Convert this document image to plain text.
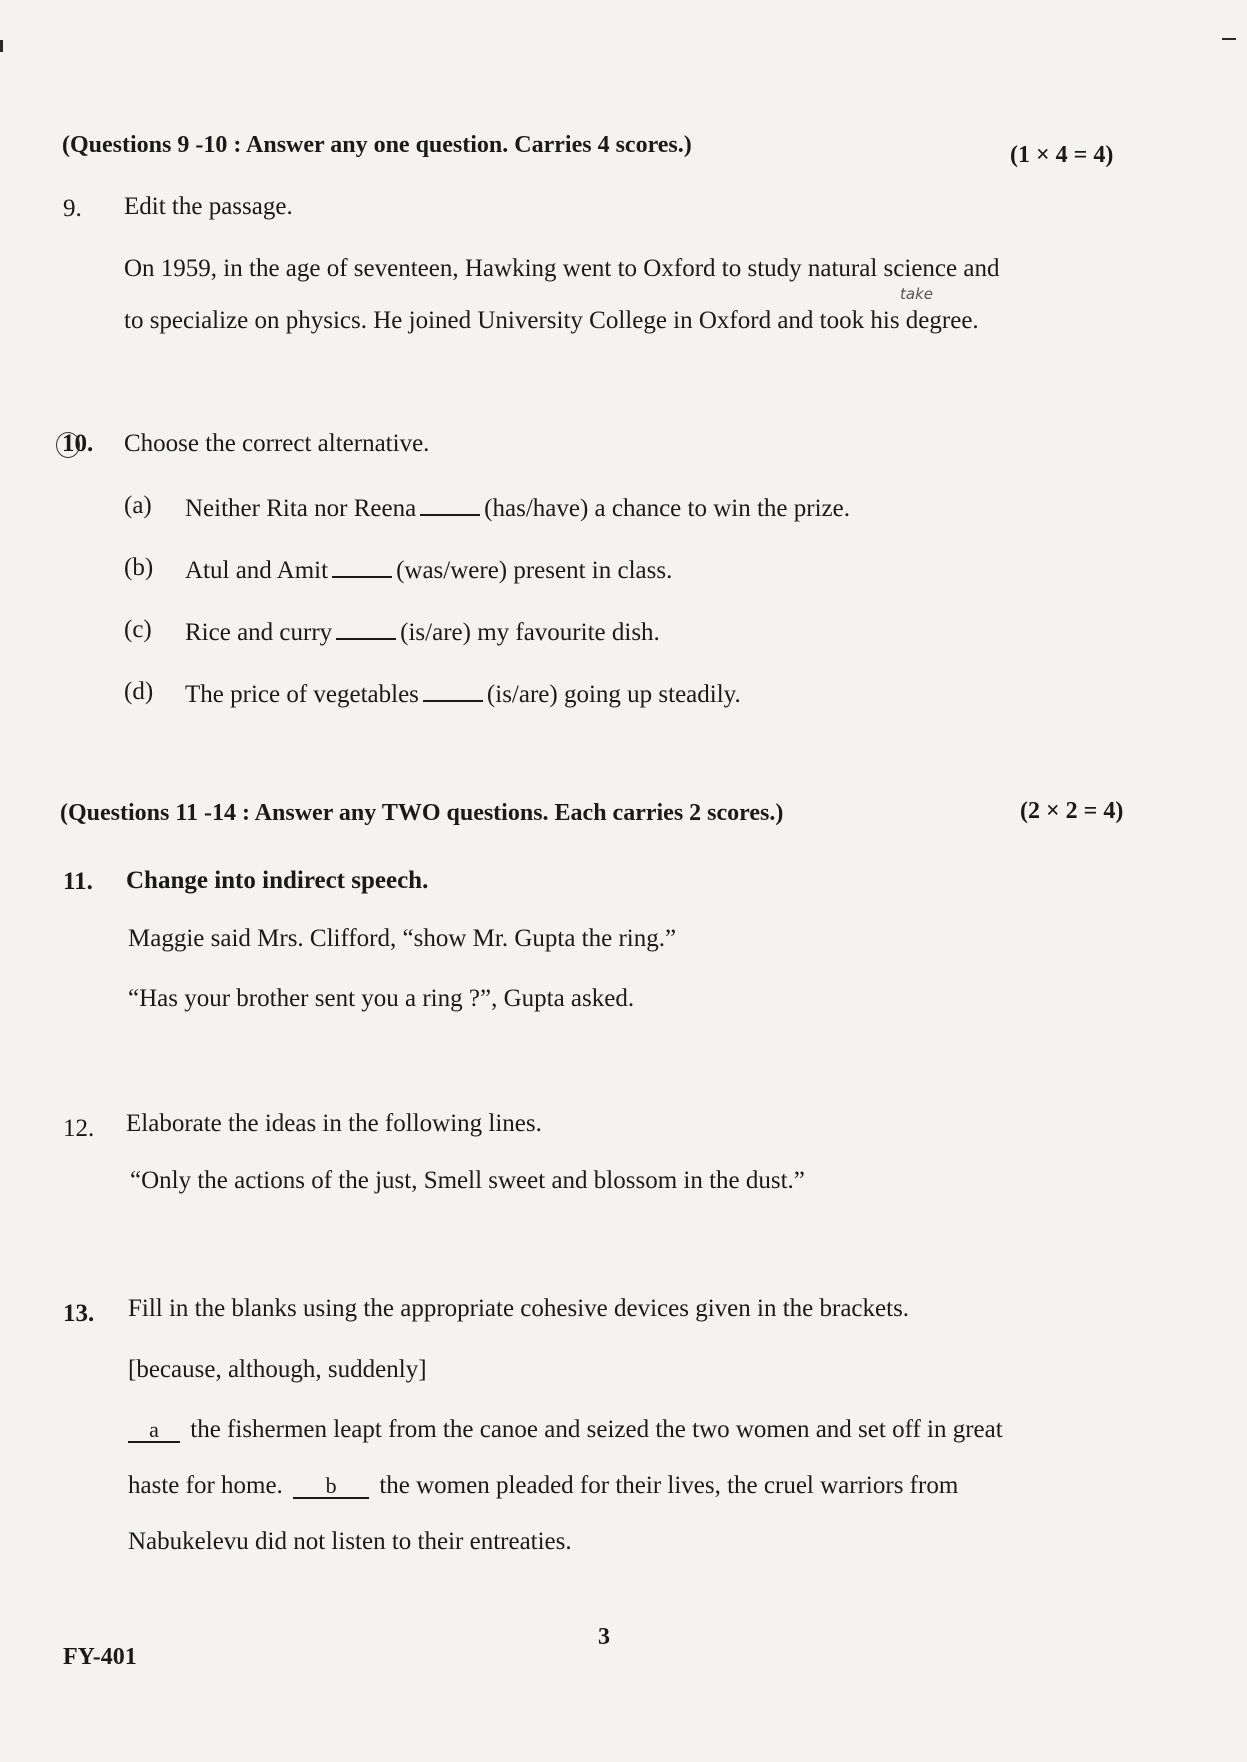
(Questions 9 -10 : Answer any one question. Carries 4 scores.)	(1 × 4 = 4)
9. Edit the passage.
On 1959, in the age of seventeen, Hawking went to Oxford to study natural science and
take
to specialize on physics. He joined University College in Oxford and took his degree.
10. Choose the correct alternative.
(a) Neither Rita nor Reena	(has/have) a chance to win the prize.
(b) Atul and Amit	(was/were) present in class.
(c) Rice and curry	(is/are) my favourite dish.
(d) The price of vegetables	(is/are) going up steadily.
(Questions 11 -14 : Answer any TWO questions. Each carries 2 scores.)	(2 × 2 = 4)
11. Change into indirect speech.
Maggie said Mrs. Clifford, “show Mr. Gupta the ring.”
“Has your brother sent you a ring ?”, Gupta asked.
12. Elaborate the ideas in the following lines.
“Only the actions of the just, Smell sweet and blossom in the dust.”
13. Fill in the blanks using the appropriate cohesive devices given in the brackets.
[because, although, suddenly]
a the fishermen leapt from the canoe and seized the two women and set off in great
haste for home. b the women pleaded for their lives, the cruel warriors from
Nabukelevu did not listen to their entreaties.
FY-401
3
